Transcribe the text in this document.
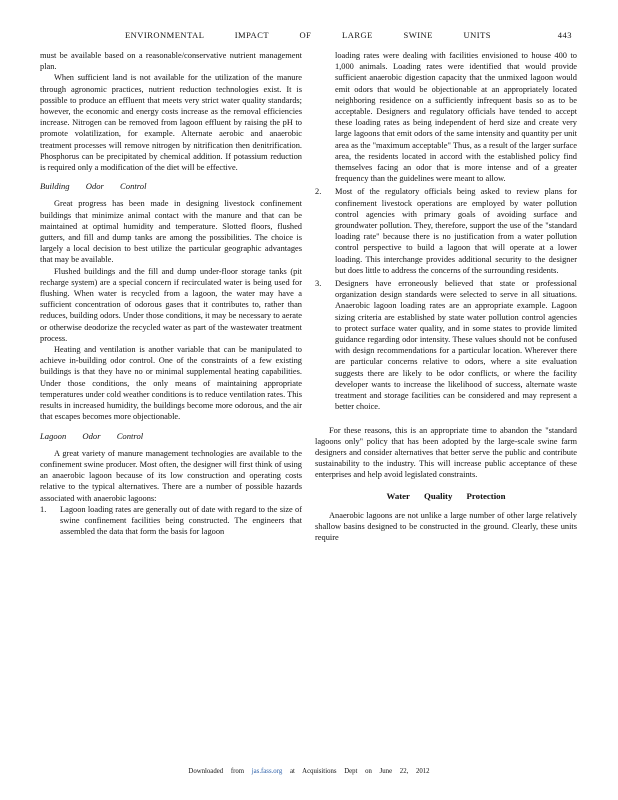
ENVIRONMENTAL IMPACT OF LARGE SWINE UNITS	443

must be available based on a reasonable/conservative nutrient management plan.

When sufficient land is not available for the utilization of the manure through agronomic practices, nutrient reduction technologies exist. It is possible to produce an effluent that meets very strict water quality standards; however, the economic and energy costs increase as the removal efficiencies increase. Nitrogen can be removed from lagoon effluent by raising the pH to promote volatilization, for example. Alternate aerobic and anaerobic treatment processes will remove nitrogen by nitrification then denitrification. Phosphorus can be precipitated by chemical addition. If potassium reduction is required only a modification of the diet will be effective.

Building Odor Control

Great progress has been made in designing livestock confinement buildings that minimize animal contact with the manure and that can be maintained at optimal humidity and temperature. Slotted floors, flushed gutters, and fill and dump tanks are among the possibilities. The choice is largely a local decision to best utilize the particular geographic advantages that may be available.

Flushed buildings and the fill and dump under-floor storage tanks (pit recharge system) are a special concern if recirculated water is being used for flushing. When water is recycled from a lagoon, the water may have a sufficient concentration of odorous gases that it contributes to, rather than reduces, building odors. Under those conditions, it may be necessary to aerate or otherwise deodorize the recycled water as part of the wastewater treatment process.

Heating and ventilation is another variable that can be manipulated to achieve in-building odor control. One of the constraints of a few existing buildings is that they have no or minimal supplemental heating capabilities. Under those conditions, the only means of maintaining appropriate temperatures under cold weather conditions is to reduce ventilation rates. This results in increased humidity, the buildings become more odorous, and the air that escapes becomes more objectionable.

Lagoon Odor Control

A great variety of manure management technologies are available to the confinement swine producer. Most often, the designer will first think of using an anaerobic lagoon because of its low construction and operating costs relative to the typical alternatives. There are a number of possible hazards associated with anaerobic lagoons:

1. Lagoon loading rates are generally out of date with regard to the size of swine confinement facilities being constructed. The engineers that assembled the data that form the basis for lagoon
loading rates were dealing with facilities envisioned to house 400 to 1,000 animals. Loading rates were identified that would provide sufficient anaerobic digestion capacity that the unmixed lagoon would emit odors that would be objectionable at an appropriately located neighboring residence on a sufficiently infrequent basis so as to be acceptable. Designers and regulatory officials have tended to accept these loading rates as being independent of herd size and create very large lagoons that emit odors of the same intensity and quantity per unit area as the "maximum acceptable" Thus, as a result of the larger surface area, the residents located in accord with the established policy find themselves facing an odor that is more intense and of a greater frequency than the guidelines were meant to allow.
2. Most of the regulatory officials being asked to review plans for confinement livestock operations are employed by water pollution control agencies with primary goals of avoiding surface and groundwater pollution. They, therefore, support the use of the "standard loading rate" because there is no justification from a water pollution control perspective to build a lagoon that will operate at a lower loading. This interchange provides additional security to the designer but does little to address the concerns of the surrounding residents.
3. Designers have erroneously believed that state or professional organization design standards were selected to serve in all situations. Anaerobic lagoon loading rates are an appropriate example. Lagoon sizing criteria are established by state water pollution control agencies to protect surface water quality, and in some states to provide limited guidance regarding odor intensity. These values should not be confused with design recommendations for a particular location. Wherever there are particular concerns relative to odors, where a site evaluation suggests there are likely to be odor conflicts, or where the facility developer wants to increase the likelihood of success, alternate waste treatment and storage facilities can be considered and may represent a better choice.

For these reasons, this is an appropriate time to abandon the "standard lagoons only" policy that has been adopted by the large-scale swine farm designers and consider alternatives that better serve the public and contribute sustainability to the industry. This will increase public acceptance of these enterprises and help avoid legislated constraints.

Water Quality Protection

Anaerobic lagoons are not unlike a large number of other large relatively shallow basins designed to be constructed in the ground. Clearly, these units require

Downloaded from jas.fass.org at Acquisitions Dept on June 22, 2012
